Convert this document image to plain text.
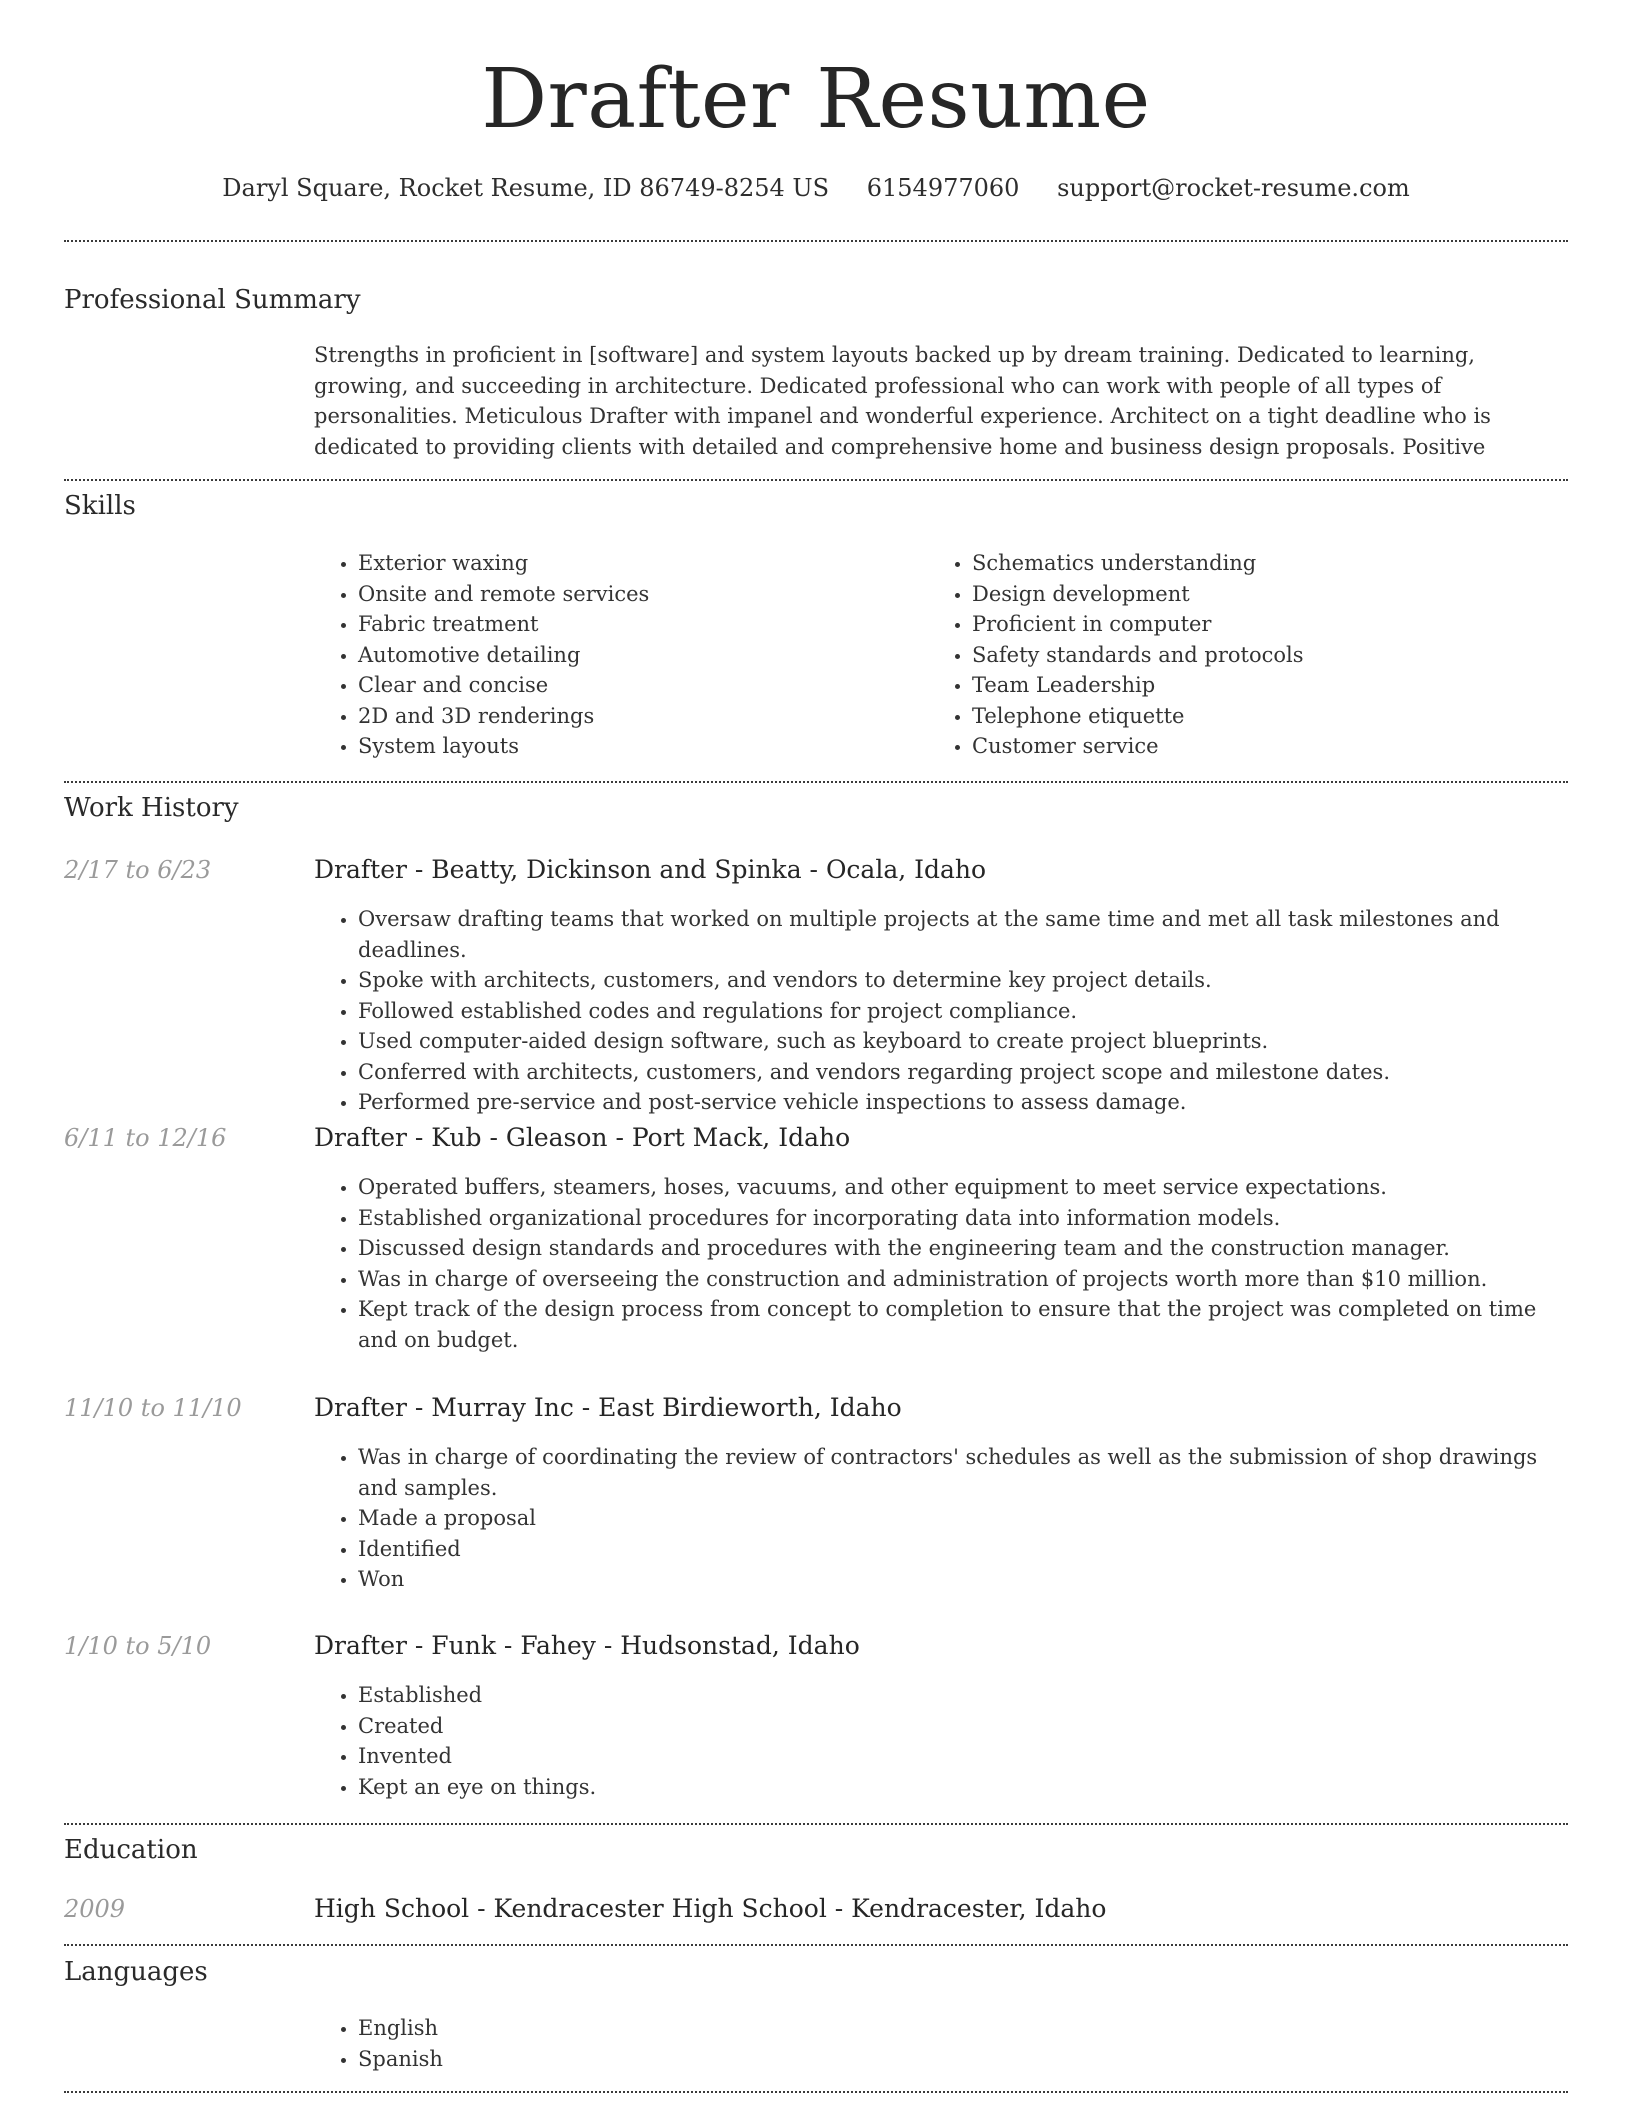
Drafter Resume
Daryl Square, Rocket Resume, ID 86749-8254 US 6154977060 support@rocket-resume.com
Professional Summary
Strengths in proficient in [software] and system layouts backed up by dream training. Dedicated to learning, growing, and succeeding in architecture. Dedicated professional who can work with people of all types of personalities. Meticulous Drafter with impanel and wonderful experience. Architect on a tight deadline who is dedicated to providing clients with detailed and comprehensive home and business design proposals. Positive
Skills
• Exterior waxing
• Onsite and remote services
• Fabric treatment
• Automotive detailing
• Clear and concise
• 2D and 3D renderings
• System layouts
• Schematics understanding
• Design development
• Proficient in computer
• Safety standards and protocols
• Team Leadership
• Telephone etiquette
• Customer service
Work History
2/17 to 6/23	Drafter - Beatty, Dickinson and Spinka - Ocala, Idaho
• Oversaw drafting teams that worked on multiple projects at the same time and met all task milestones and deadlines.
• Spoke with architects, customers, and vendors to determine key project details.
• Followed established codes and regulations for project compliance.
• Used computer-aided design software, such as keyboard to create project blueprints.
• Conferred with architects, customers, and vendors regarding project scope and milestone dates.
• Performed pre-service and post-service vehicle inspections to assess damage.
6/11 to 12/16	Drafter - Kub - Gleason - Port Mack, Idaho
• Operated buffers, steamers, hoses, vacuums, and other equipment to meet service expectations.
• Established organizational procedures for incorporating data into information models.
• Discussed design standards and procedures with the engineering team and the construction manager.
• Was in charge of overseeing the construction and administration of projects worth more than $10 million.
• Kept track of the design process from concept to completion to ensure that the project was completed on time and on budget.
11/10 to 11/10	Drafter - Murray Inc - East Birdieworth, Idaho
• Was in charge of coordinating the review of contractors' schedules as well as the submission of shop drawings and samples.
• Made a proposal
• Identified
• Won
1/10 to 5/10	Drafter - Funk - Fahey - Hudsonstad, Idaho
• Established
• Created
• Invented
• Kept an eye on things.
Education
2009	High School - Kendracester High School - Kendracester, Idaho
Languages
• English
• Spanish
